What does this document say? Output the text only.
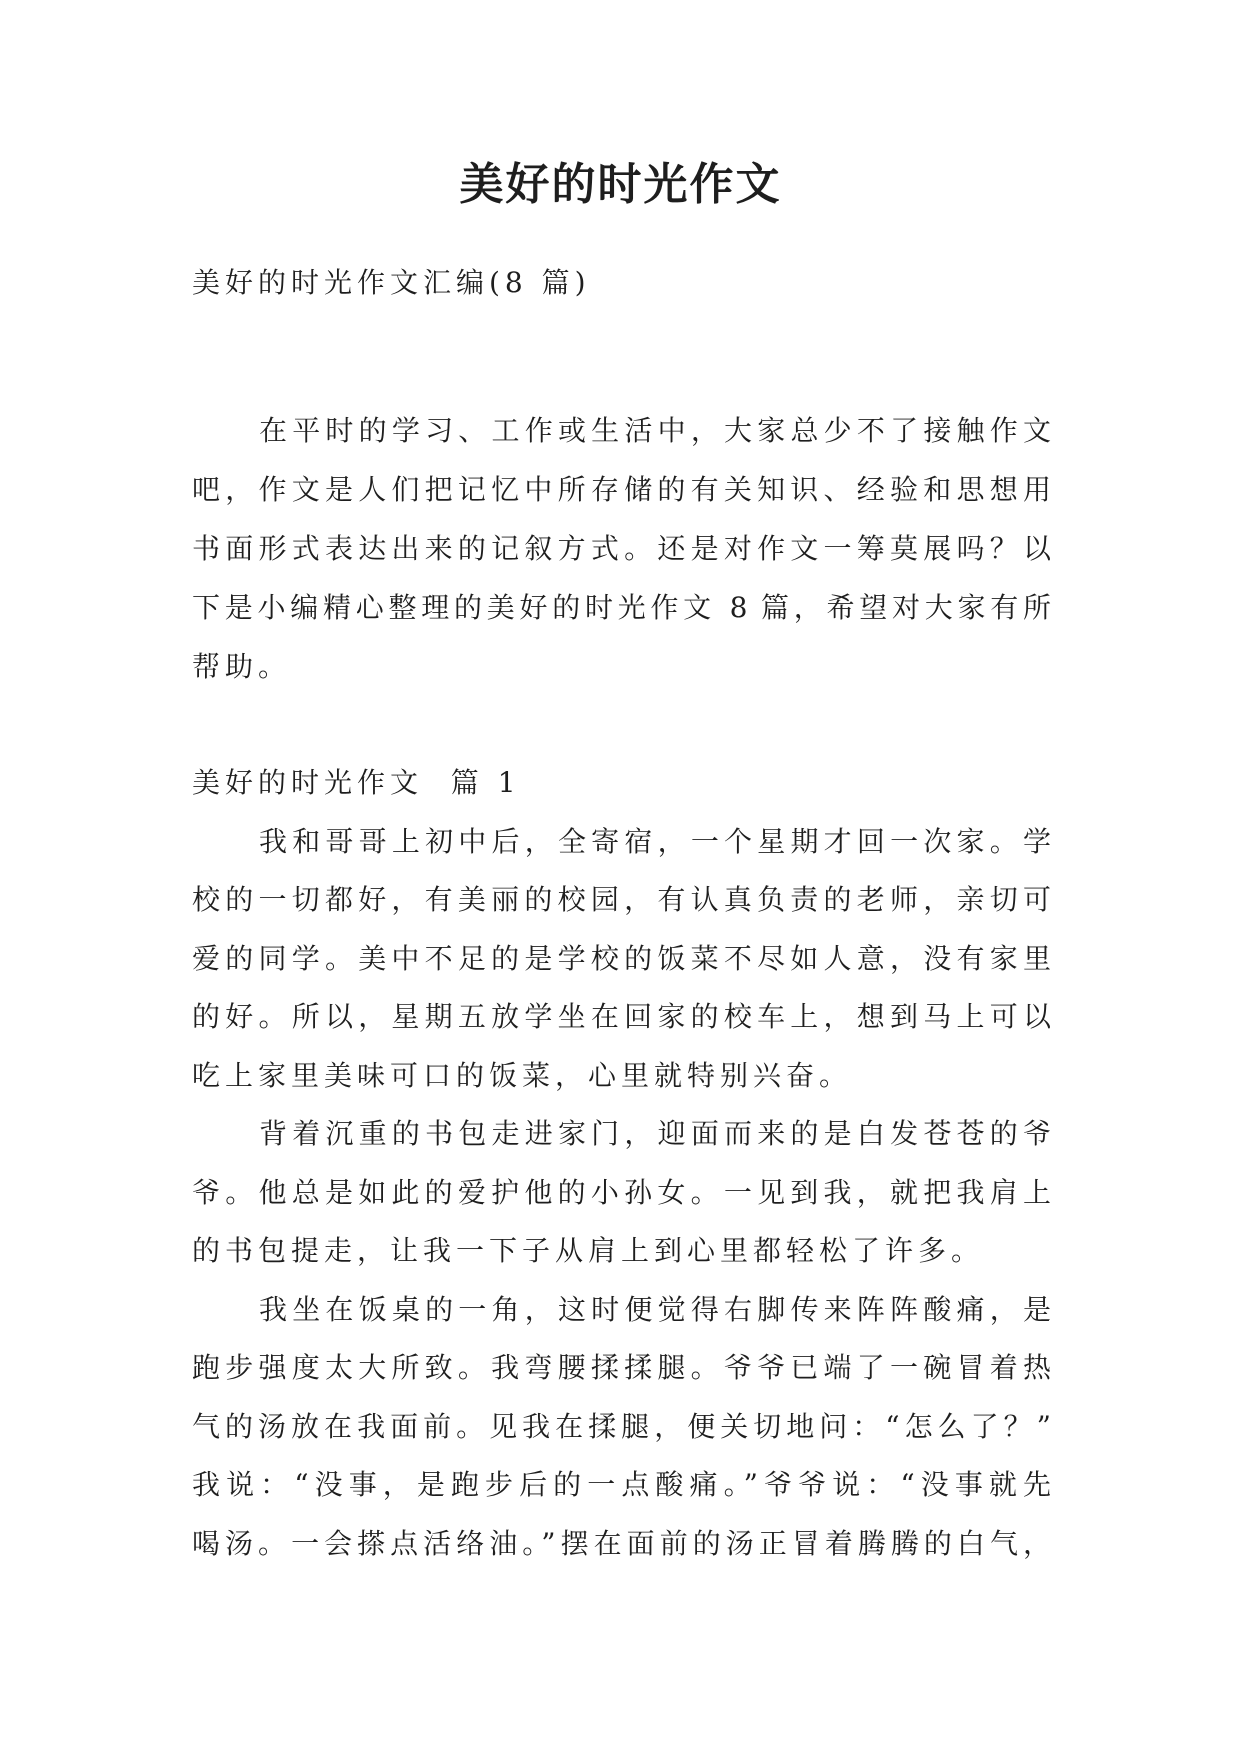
美好的时光作文
美好的时光作文汇编(8 篇)
在平时的学习、工作或生活中，大家总少不了接触作文
吧，作文是人们把记忆中所存储的有关知识、经验和思想用
书面形式表达出来的记叙方式。还是对作文一筹莫展吗？以
下是小编精心整理的美好的时光作文 8 篇，希望对大家有所
帮助。
美好的时光作文  篇 1
我和哥哥上初中后，全寄宿，一个星期才回一次家。学
校的一切都好，有美丽的校园，有认真负责的老师，亲切可
爱的同学。美中不足的是学校的饭菜不尽如人意，没有家里
的好。所以，星期五放学坐在回家的校车上，想到马上可以
吃上家里美味可口的饭菜，心里就特别兴奋。
背着沉重的书包走进家门，迎面而来的是白发苍苍的爷
爷。他总是如此的爱护他的小孙女。一见到我，就把我肩上
的书包提走，让我一下子从肩上到心里都轻松了许多。
我坐在饭桌的一角，这时便觉得右脚传来阵阵酸痛，是
跑步强度太大所致。我弯腰揉揉腿。爷爷已端了一碗冒着热
气的汤放在我面前。见我在揉腿，便关切地问：“怎么了？”
我说：“没事，是跑步后的一点酸痛。”爷爷说：“没事就先
喝汤。一会搽点活络油。”摆在面前的汤正冒着腾腾的白气，
